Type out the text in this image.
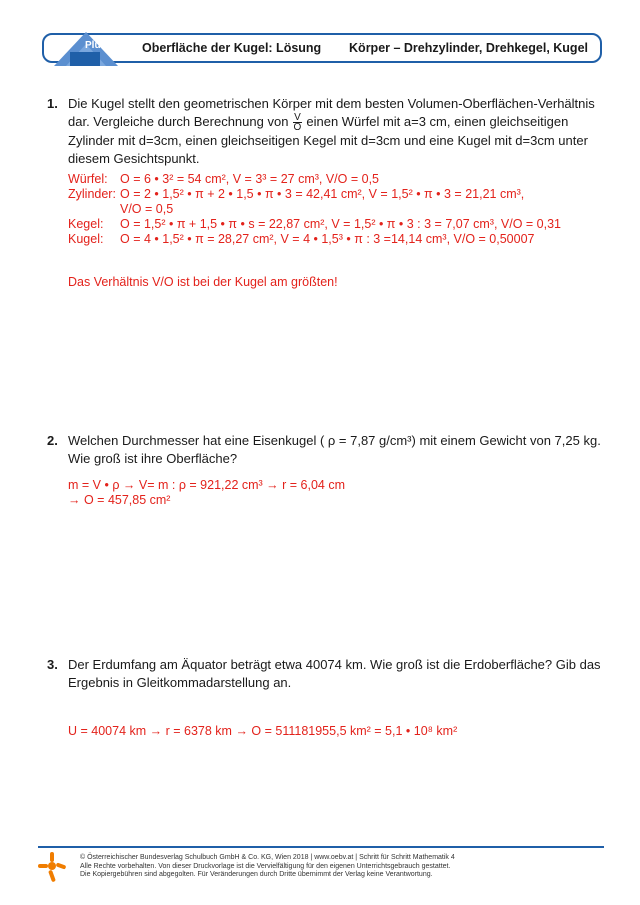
Oberfläche der Kugel: Lösung Körper – Drehzylinder, Drehkegel, Kugel
Plus
1. Die Kugel stellt den geometrischen Körper mit dem besten Volumen-Oberflächen-Verhältnis
dar. Vergleiche durch Berechnung von $\frac{V}{O}$ einen Würfel mit a=3 cm, einen gleichseitigen
Zylinder mit d=3cm, einen gleichseitigen Kegel mit d=3cm und eine Kugel mit d=3cm unter
diesem Gesichtspunkt.
Würfel: O = 6 • 3² = 54 cm², V = 3³ = 27 cm³, V/O = 0,5
Zylinder: O = 2 • 1,5² • π + 2 • 1,5 • π • 3 = 42,41 cm², V = 1,5² • π • 3 = 21,21 cm³,
V/O = 0,5
Kegel:	O = 1,5² • π + 1,5 • π • s = 22,87 cm², V = 1,5² • π • 3 : 3 = 7,07 cm³, V/O = 0,31
Kugel:	O = 4 • 1,5² • π = 28,27 cm², V = 4 • 1,5³ • π : 3 =14,14 cm³, V/O = 0,50007
Das Verhältnis V/O ist bei der Kugel am größten!
2. Welchen Durchmesser hat eine Eisenkugel ( ρ = 7,87 g/cm³) mit einem Gewicht von 7,25 kg.
Wie groß ist ihre Oberfläche?
m = V • ρ → V= m : ρ = 921,22 cm³ → r = 6,04 cm
→ O = 457,85 cm²
3. Der Erdumfang am Äquator beträgt etwa 40074 km. Wie groß ist die Erdoberfläche? Gib das
Ergebnis in Gleitkommadarstellung an.
U = 40074 km → r = 6378 km → O = 511181955,5 km² = 5,1 • 10⁸ km²
© Österreichischer Bundesverlag Schulbuch GmbH & Co. KG, Wien 2018 | www.oebv.at | Schritt für Schritt Mathematik 4
Alle Rechte vorbehalten. Von dieser Druckvorlage ist die Vervielfältigung für den eigenen Unterrichtsgebrauch gestattet.
Die Kopiergebühren sind abgegolten. Für Veränderungen durch Dritte übernimmt der Verlag keine Verantwortung.
